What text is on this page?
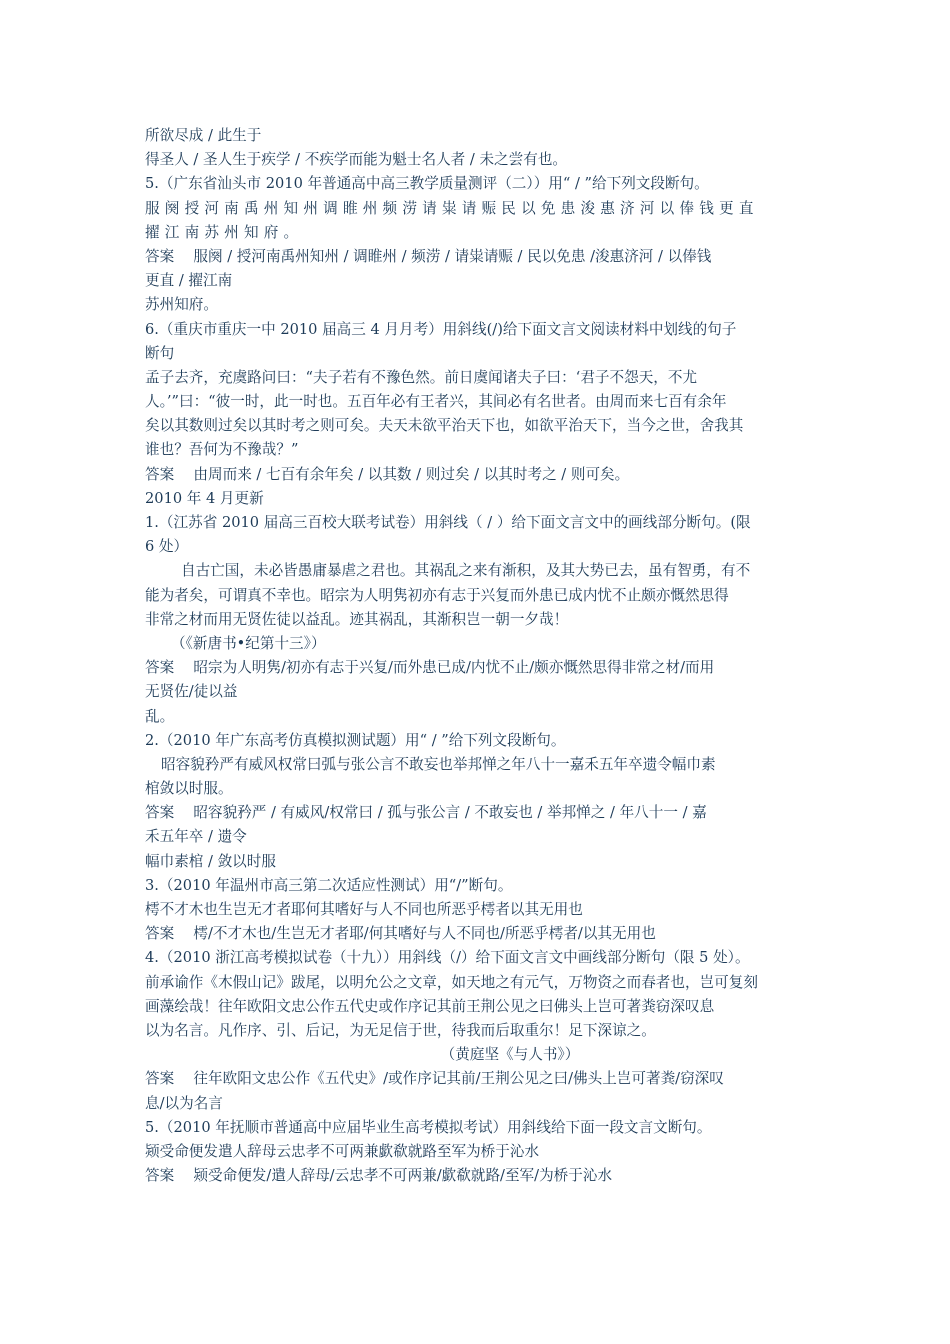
所欲尽成 / 此生于
得圣人 / 圣人生于疾学 / 不疾学而能为魁士名人者 / 未之尝有也。
5.（广东省汕头市 2010 年普通高中高三教学质量测评（二））用“ / ”给下列文段断句。
服阕授河南禹州知州调睢州频涝请粜请赈民以免患浚惠济河以俸钱更直
擢江南苏州知府。
答案　 服阕 / 授河南禹州知州 / 调睢州 / 频涝 / 请粜请赈 / 民以免患 /浚惠济河 / 以俸钱
更直 / 擢江南
苏州知府。
6.（重庆市重庆一中 2010 届高三 4 月月考）用斜线(/)给下面文言文阅读材料中划线的句子
断句
孟子去齐，充虞路问曰：“夫子若有不豫色然。前日虞闻诸夫子曰：‘君子不怨天，不尤
人。’”曰：“彼一时，此一时也。五百年必有王者兴，其间必有名世者。由周而来七百有余年
矣以其数则过矣以其时考之则可矣。夫天未欲平治天下也，如欲平治天下，当今之世，舍我其
谁也？吾何为不豫哉？”
答案　 由周而来 / 七百有余年矣 / 以其数 / 则过矣 / 以其时考之 / 则可矣。
2010 年 4 月更新
1.（江苏省 2010 届高三百校大联考试卷）用斜线（ / ）给下面文言文中的画线部分断句。(限
6 处）
自古亡国，未必皆愚庸暴虐之君也。其祸乱之来有渐积，及其大势已去，虽有智勇，有不
能为者矣，可谓真不幸也。昭宗为人明隽初亦有志于兴复而外患已成内忧不止颇亦慨然思得
非常之材而用无贤佐徒以益乱。迹其祸乱，其渐积岂一朝一夕哉！
（《新唐书•纪第十三》）
答案　 昭宗为人明隽/初亦有志于兴复/而外患已成/内忧不止/颇亦慨然思得非常之材/而用
无贤佐/徒以益
乱。
2.（2010 年广东高考仿真模拟测试题）用“ / ”给下列文段断句。
昭容貌矜严有威风权常曰弧与张公言不敢妄也举邦惮之年八十一嘉禾五年卒遗令幅巾素
棺敛以时服。
答案　 昭容貌矜严 / 有威风/权常曰 / 孤与张公言 / 不敢妄也 / 举邦惮之 / 年八十一 / 嘉
禾五年卒 / 遗令
幅巾素棺 / 敛以时服
3.（2010 年温州市高三第二次适应性测试）用“/”断句。
樗不才木也生岂无才者耶何其嗜好与人不同也所恶乎樗者以其无用也
答案　 樗/不才木也/生岂无才者耶/何其嗜好与人不同也/所恶乎樗者/以其无用也
4.（2010 浙江高考模拟试卷（十九））用斜线（/）给下面文言文中画线部分断句（限 5 处）。
前承谕作《木假山记》跋尾，以明允公之文章，如天地之有元气，万物资之而春者也，岂可复刻
画藻绘哉！往年欧阳文忠公作五代史或作序记其前王荆公见之曰佛头上岂可著粪窃深叹息
以为名言。凡作序、引、后记，为无足信于世，待我而后取重尔！足下深谅之。
（黄庭坚《与人书》）
答案　 往年欧阳文忠公作《五代史》/或作序记其前/王荆公见之曰/佛头上岂可著粪/窃深叹
息/以为名言
5.（2010 年抚顺市普通高中应届毕业生高考模拟考试）用斜线给下面一段文言文断句。
颎受命便发遣人辞母云忠孝不可两兼歔欷就路至军为桥于沁水
答案　 颎受命便发/遣人辞母/云忠孝不可两兼/歔欷就路/至军/为桥于沁水
